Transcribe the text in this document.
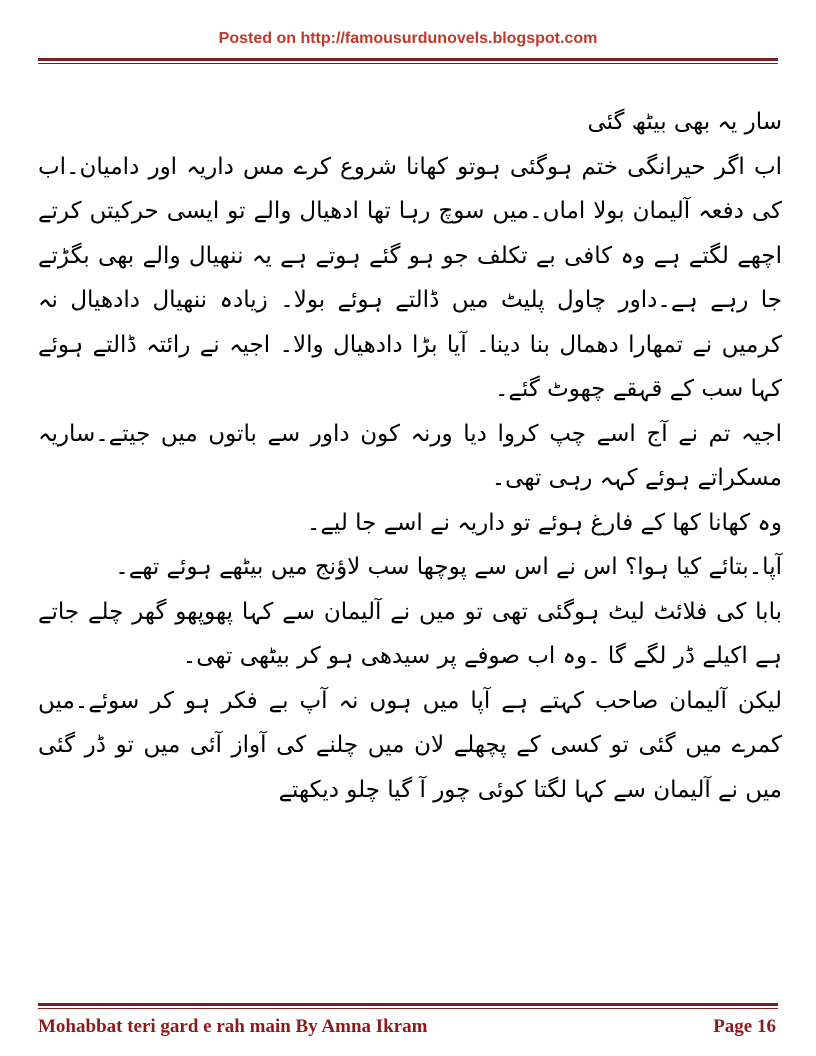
Posted on http://famousurdunovels.blogspot.com

سار یہ بھی بیٹھ گئی

اب اگر حیرانگی ختم ہوگئی ہوتو کھانا شروع کرے مس داریہ اور دامیان۔اب کی دفعہ آلیمان بولا اماں۔میں سوچ رہا تھا ادھیال والے تو ایسی حرکیتں کرتے اچھے لگتے ہے وہ کافی بے تکلف جو ہو گئے ہوتے ہے یہ ننھیال والے بھی بگڑتے جا رہے ہے۔داور چاول پلیٹ میں ڈالتے ہوئے بولا۔ زیادہ ننھیال دادھیال نہ کرمیں نے تمھارا دھمال بنا دینا۔ آیا بڑا دادھیال والا۔ اجیہ نے رائتہ ڈالتے ہوئے کہا سب کے قہقے چھوٹ گئے۔

اجیہ تم نے آج اسے چپ کروا دیا ورنہ کون داور سے باتوں میں جیتے۔ساریہ مسکراتے ہوئے کہہ رہی تھی۔

وہ کھانا کھا کے فارغ ہوئے تو داریہ نے اسے جا لیے۔

آپا۔بتائے کیا ہوا؟ اس نے اس سے پوچھا سب لاؤنج میں بیٹھے ہوئے تھے۔

بابا کی فلائٹ لیٹ ہوگئی تھی تو میں نے آلیمان سے کہا پھوپھو گھر چلے جاتے ہے اکیلے ڈر لگے گا ۔وہ اب صوفے پر سیدھی ہو کر بیٹھی تھی۔

لیکن آلیمان صاحب کہتے ہے آپا میں ہوں نہ آپ بے فکر ہو کر سوئے۔میں کمرے میں گئی تو کسی کے پچھلے لان میں چلنے کی آواز آئی میں تو ڈر گئی میں نے آلیمان سے کہا لگتا کوئی چور آ گیا چلو دیکھتے

Mohabbat teri gard e rah main By Amna Ikram	Page 16
